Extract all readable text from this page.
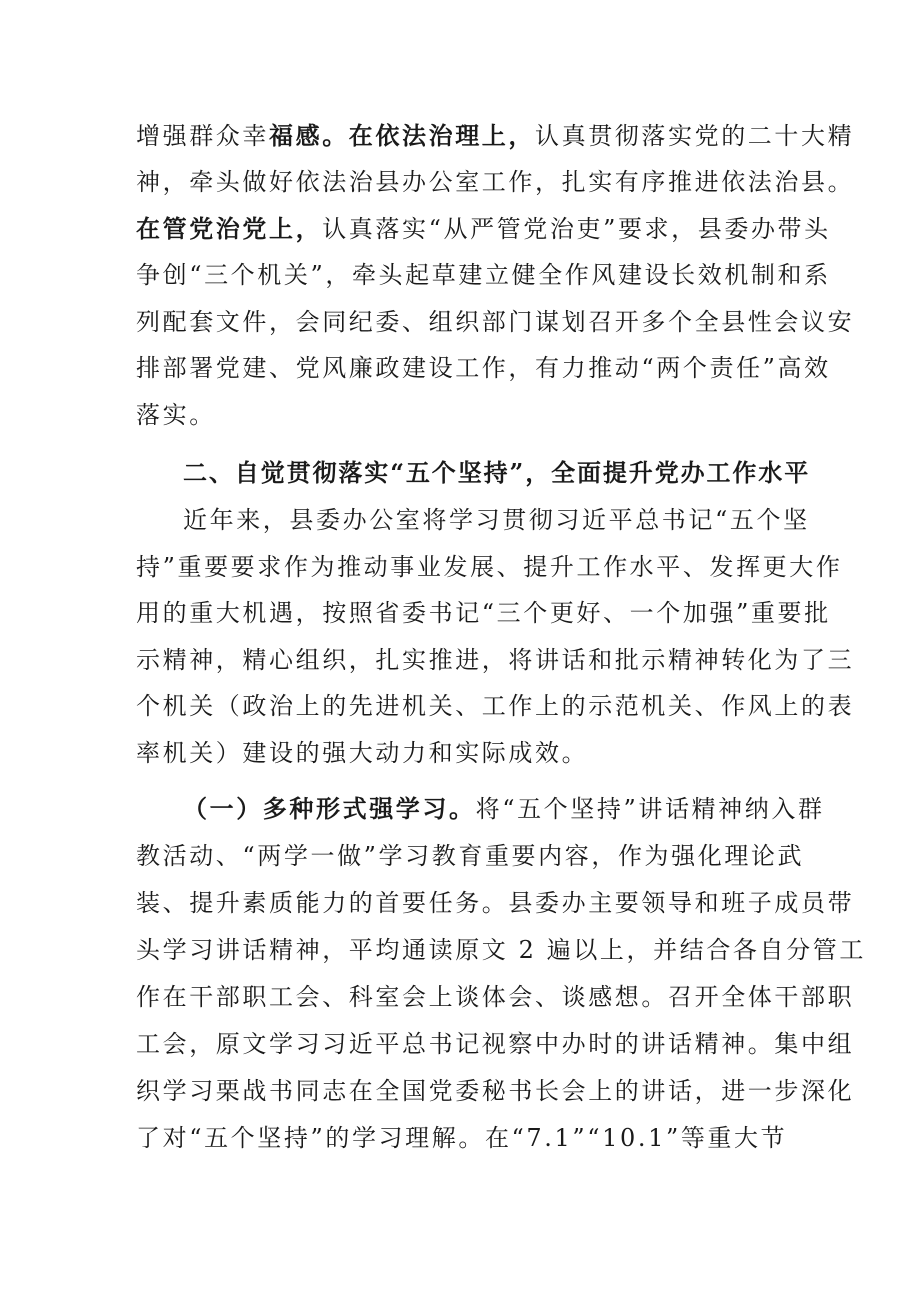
增强群众幸福感。在依法治理上，认真贯彻落实党的二十大精
神，牵头做好依法治县办公室工作，扎实有序推进依法治县。
在管党治党上，认真落实“从严管党治吏”要求，县委办带头
争创“三个机关”，牵头起草建立健全作风建设长效机制和系
列配套文件，会同纪委、组织部门谋划召开多个全县性会议安
排部署党建、党风廉政建设工作，有力推动“两个责任”高效
落实。
二、自觉贯彻落实“五个坚持”，全面提升党办工作水平
近年来，县委办公室将学习贯彻习近平总书记“五个坚
持”重要要求作为推动事业发展、提升工作水平、发挥更大作
用的重大机遇，按照省委书记“三个更好、一个加强”重要批
示精神，精心组织，扎实推进，将讲话和批示精神转化为了三
个机关（政治上的先进机关、工作上的示范机关、作风上的表
率机关）建设的强大动力和实际成效。
（一）多种形式强学习。将“五个坚持”讲话精神纳入群
教活动、“两学一做”学习教育重要内容，作为强化理论武
装、提升素质能力的首要任务。县委办主要领导和班子成员带
头学习讲话精神，平均通读原文 2 遍以上，并结合各自分管工
作在干部职工会、科室会上谈体会、谈感想。召开全体干部职
工会，原文学习习近平总书记视察中办时的讲话精神。集中组
织学习栗战书同志在全国党委秘书长会上的讲话，进一步深化
了对“五个坚持”的学习理解。在“7.1”“10.1”等重大节
